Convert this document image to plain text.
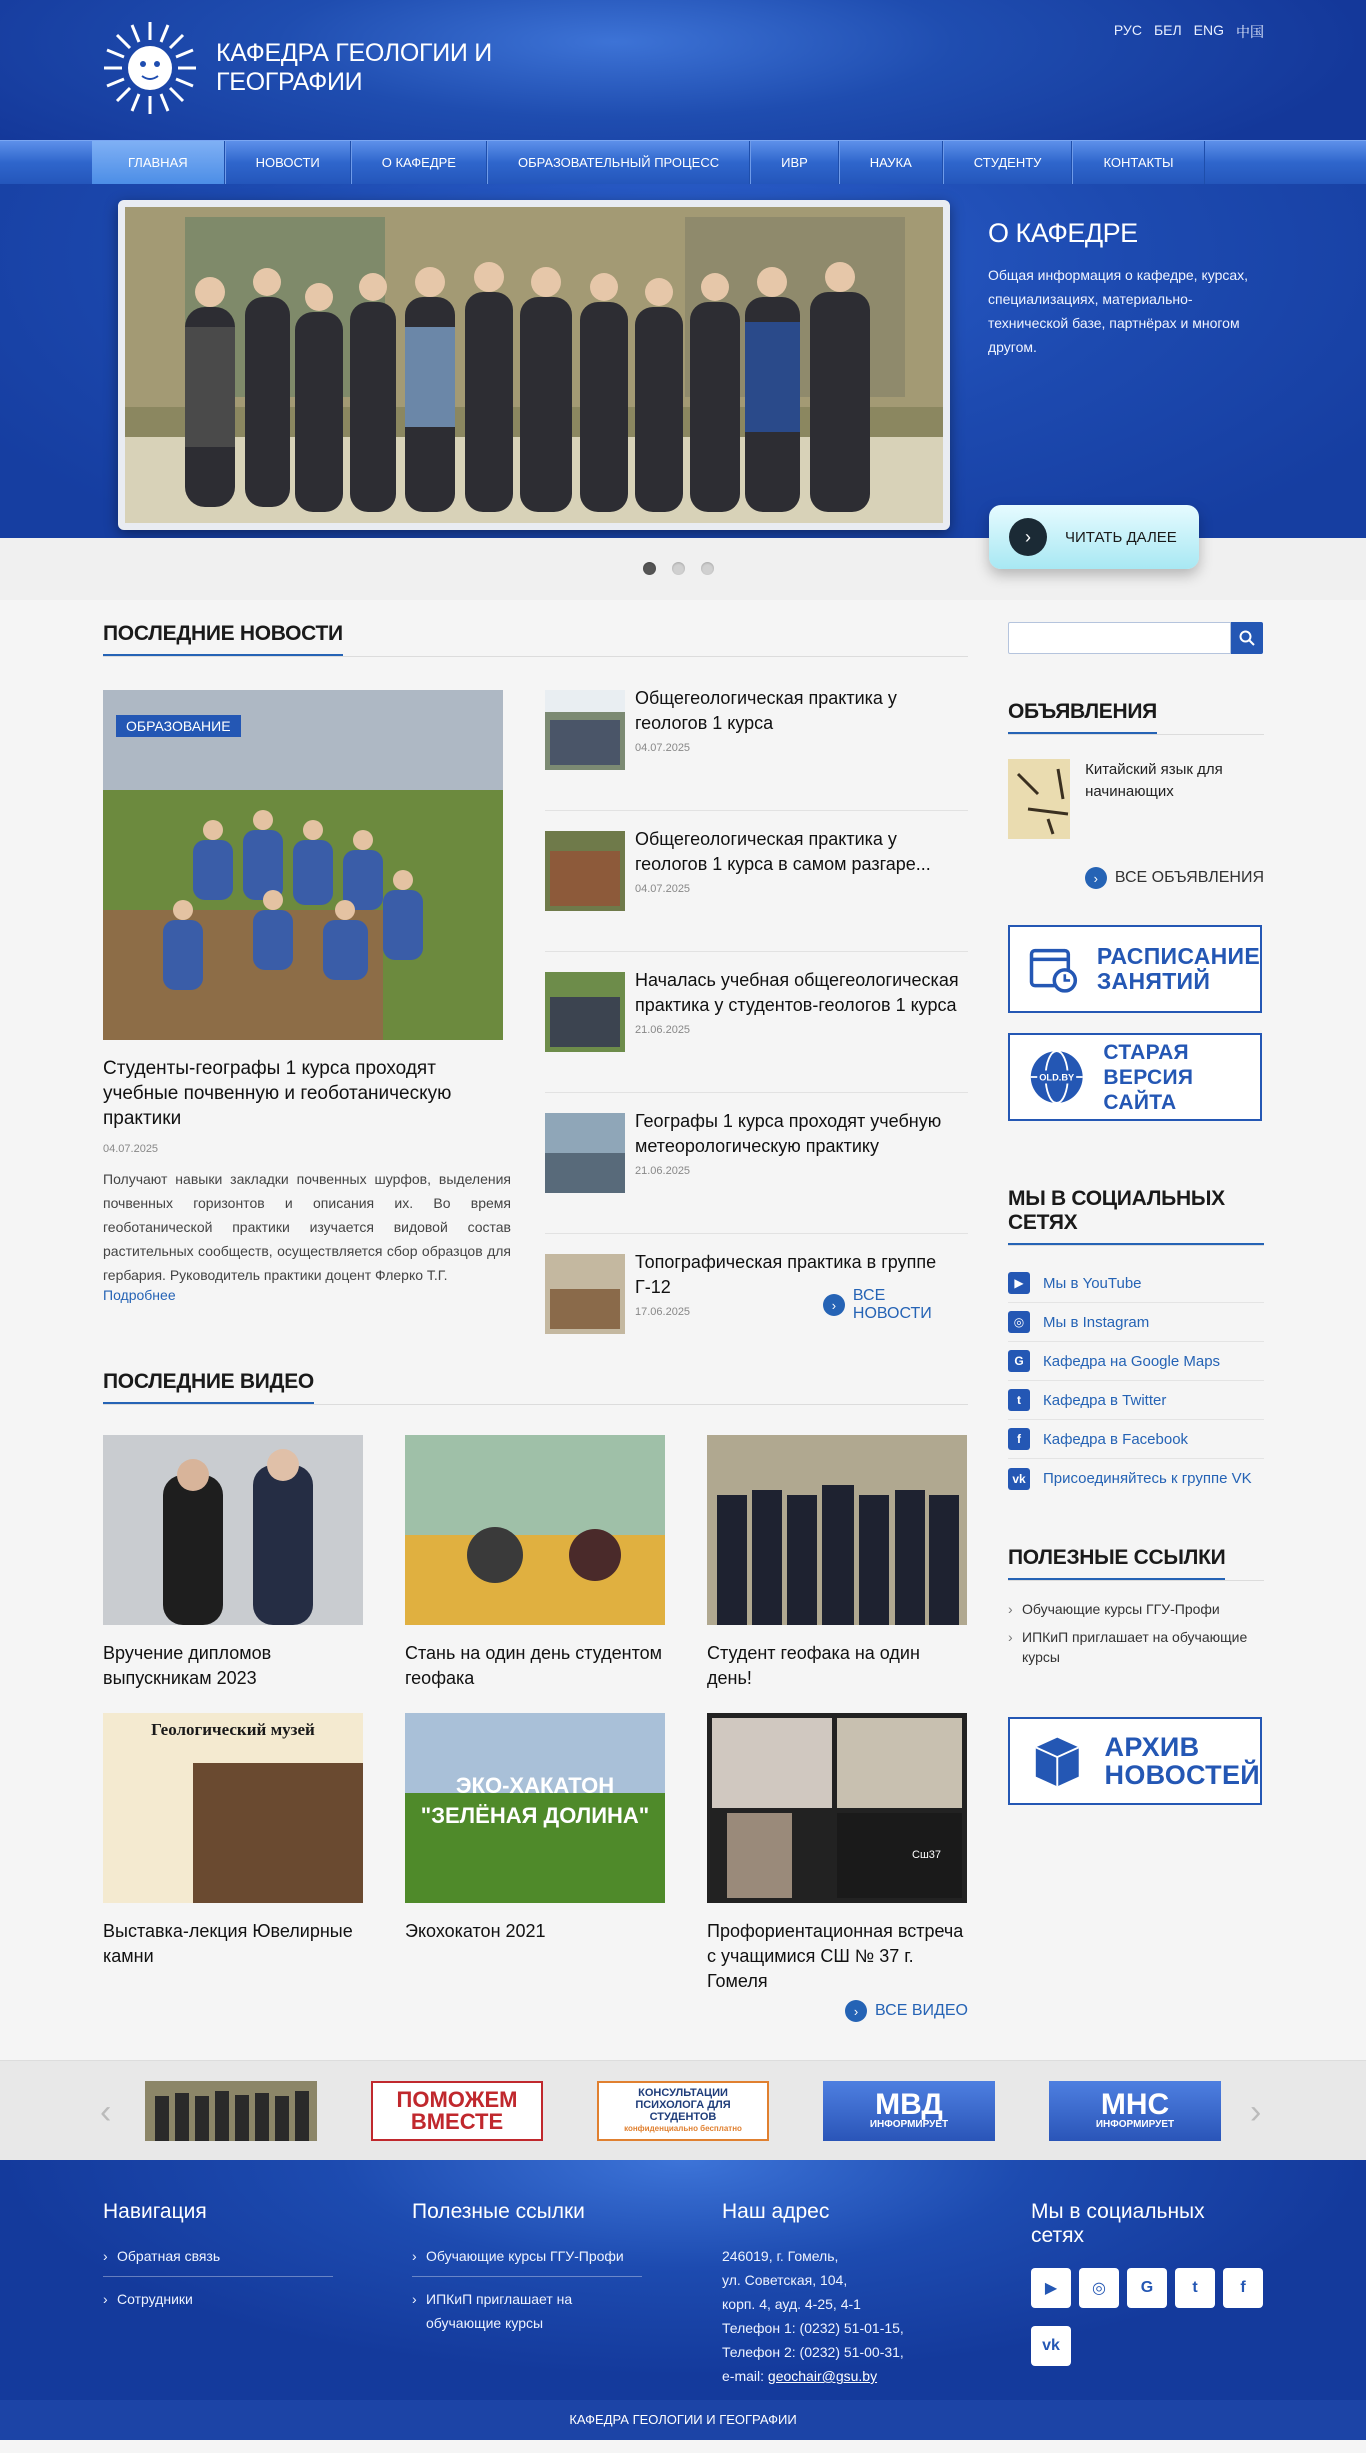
КАФЕДРА ГЕОЛОГИИ И ГЕОГРАФИИ
РУС БЕЛ ENG 中国
ГЛАВНАЯ	НОВОСТИ	О КАФЕДРЕ	ОБРАЗОВАТЕЛЬНЫЙ ПРОЦЕСС	ИВР	НАУКА	СТУДЕНТУ	КОНТАКТЫ
О КАФЕДРЕ
Общая информация о кафедре, курсах, специализациях, материально-технической базе, партнёрах и многом другом.
›	ЧИТАТЬ ДАЛЕЕ
ПОСЛЕДНИЕ НОВОСТИ
ОБРАЗОВАНИЕ
Студенты-географы 1 курса проходят учебные почвенную и геоботаническую практики
04.07.2025
Получают навыки закладки почвенных шурфов, выделения почвенных горизонтов и описания их. Во время геоботанической практики изучается видовой состав растительных сообществ, осуществляется сбор образцов для гербария. Руководитель практики доцент Флерко Т.Г.
Подробнее
Общегеологическая практика у геологов 1 курса
04.07.2025
Общегеологическая практика у геологов 1 курса в самом разгаре...
04.07.2025
Началась учебная общегеологическая практика у студентов-геологов 1 курса
21.06.2025
Географы 1 курса проходят учебную метеорологическую практику
21.06.2025
Топографическая практика в группе Г-12
17.06.2025	›
ВСЕ НОВОСТИ
ПОСЛЕДНИЕ ВИДЕО
Вручение дипломов выпускникам 2023
Стань на один день студентом геофака
Студент геофака на один день!
Геологический музей
Выставка-лекция Ювелирные камни
ЭКО-ХАКАТОН
"ЗЕЛЁНАЯ ДОЛИНА"
Экохокатон 2021
Сш37
Профориентационная встреча с учащимися СШ № 37 г. Гомеля
›	ВСЕ ВИДЕО
ОБЪЯВЛЕНИЯ
Китайский язык для начинающих
›	ВСЕ ОБЪЯВЛЕНИЯ
РАСПИСАНИЕ
ЗАНЯТИЙ
OLD.BY
СТАРАЯ
ВЕРСИЯ САЙТА
МЫ В СОЦИАЛЬНЫХ СЕТЯХ
▶	Мы в YouTube
◎	Мы в Instagram
G	Кафедра на Google Maps
t	Кафедра в Twitter
f	Кафедра в Facebook
vk Присоединяйтесь к группе VK
ПОЛЕЗНЫЕ ССЫЛКИ
› Обучающие курсы ГГУ-Профи
› ИПКиП приглашает на обучающие курсы
АРХИВ
НОВОСТЕЙ
‹	›
ПОМОЖЕМ
ВМЕСТЕ
КОНСУЛЬТАЦИИ
ПСИХОЛОГА ДЛЯ
СТУДЕНТОВ
конфиденциально бесплатно
МВД
ИНФОРМИРУЕТ
МНС
ИНФОРМИРУЕТ
Навигация
› Обратная связь
› Сотрудники
Полезные ссылки
› Обучающие курсы ГГУ-Профи
› ИПКиП приглашает на обучающие курсы
Наш адрес
246019, г. Гомель,
ул. Советская, 104,
корп. 4, ауд. 4-25, 4-1
Телефон 1: (0232) 51-01-15,
Телефон 2: (0232) 51-00-31,
e-mail: geochair@gsu.by
Мы в социальных сетях
▶	◎	G	t	f
vk
КАФЕДРА ГЕОЛОГИИ И ГЕОГРАФИИ
